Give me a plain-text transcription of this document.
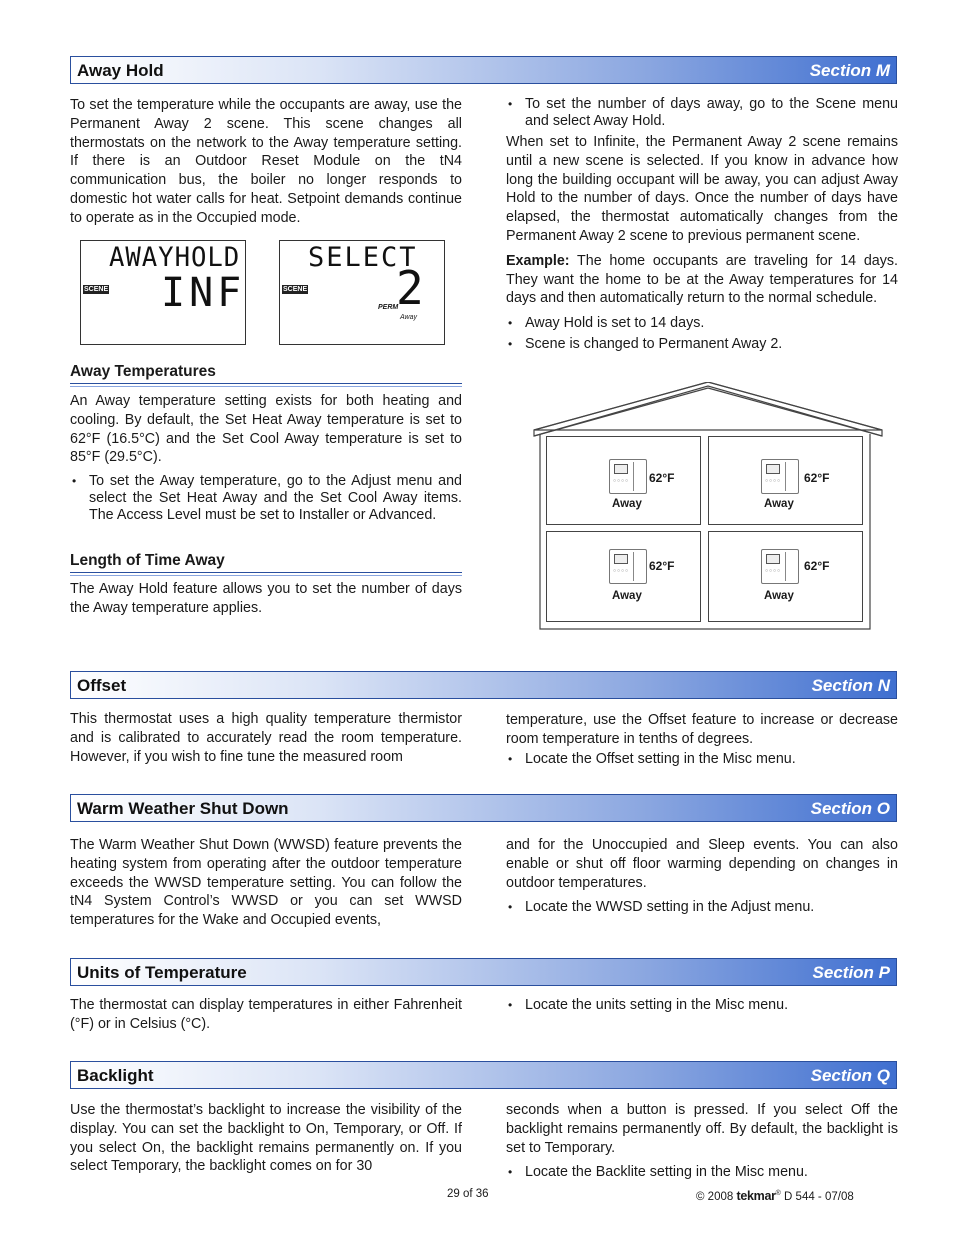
Away Hold	Section M

To set the temperature while the occupants are away, use the Permanent Away 2 scene. This scene changes all thermostats on the network to the Away temperature setting. If there is an Outdoor Reset Module on the tN4 communication bus, the boiler no longer responds to domestic hot water calls for heat. Setpoint demands continue to operate as in the Occupied mode.

AWAYHOLD
INF
SCENE
SELECT
2
SCENE
PERM
Away
Away Temperatures

An Away temperature setting exists for both heating and cooling. By default, the Set Heat Away temperature is set to 62°F (16.5°C) and the Set Cool Away temperature is set to 85°F (29.5°C).

• To set the Away temperature, go to the Adjust menu and select the Set Heat Away and the Set Cool Away items. The Access Level must be set to Installer or Advanced.
Length of Time Away

The Away Hold feature allows you to set the number of days the Away temperature applies.

• To set the number of days away, go to the Scene menu and select Away Hold.

When set to Infinite, the Permanent Away 2 scene remains until a new scene is selected. If you know in advance how long the building occupant will be away, you can adjust Away Hold to the number of days. Once the number of days have elapsed, the thermostat automatically changes from the Permanent Away 2 scene to previous permanent scene.

Example: The home occupants are traveling for 14 days. They want the home to be at the Away temperatures for 14 days and then automatically return to the normal schedule.

• Away Hold is set to 14 days.
• Scene is changed to Permanent Away 2.
○○○○ 62°F
Away
○○○○ 62°F
Away
○○○○ 62°F
Away
○○○○ 62°F
Away
Offset	Section N

This thermostat uses a high quality temperature thermistor and is calibrated to accurately read the room temperature. However, if you wish to fine tune the measured room

temperature, use the Offset feature to increase or decrease room temperature in tenths of degrees.

• Locate the Offset setting in the Misc menu.
Warm Weather Shut Down	Section O

The Warm Weather Shut Down (WWSD) feature prevents the heating system from operating after the outdoor temperature exceeds the WWSD temperature setting. You can follow the tN4 System Control’s WWSD or you can set WWSD temperatures for the Wake and Occupied events,

and for the Unoccupied and Sleep events. You can also enable or shut off floor warming depending on changes in outdoor temperatures.

• Locate the WWSD setting in the Adjust menu.
Units of Temperature	Section P

The thermostat can display temperatures in either Fahrenheit (°F) or in Celsius (°C).

• Locate the units setting in the Misc menu.
Backlight	Section Q

Use the thermostat’s backlight to increase the visibility of the display. You can set the backlight to On, Temporary, or Off. If you select On, the backlight remains permanently on. If you select Temporary, the backlight comes on for 30

seconds when a button is pressed. If you select Off the backlight remains permanently off. By default, the backlight is set to Temporary.

• Locate the Backlite setting in the Misc menu.
29 of 36	© 2008 tekmar® D 544 - 07/08
